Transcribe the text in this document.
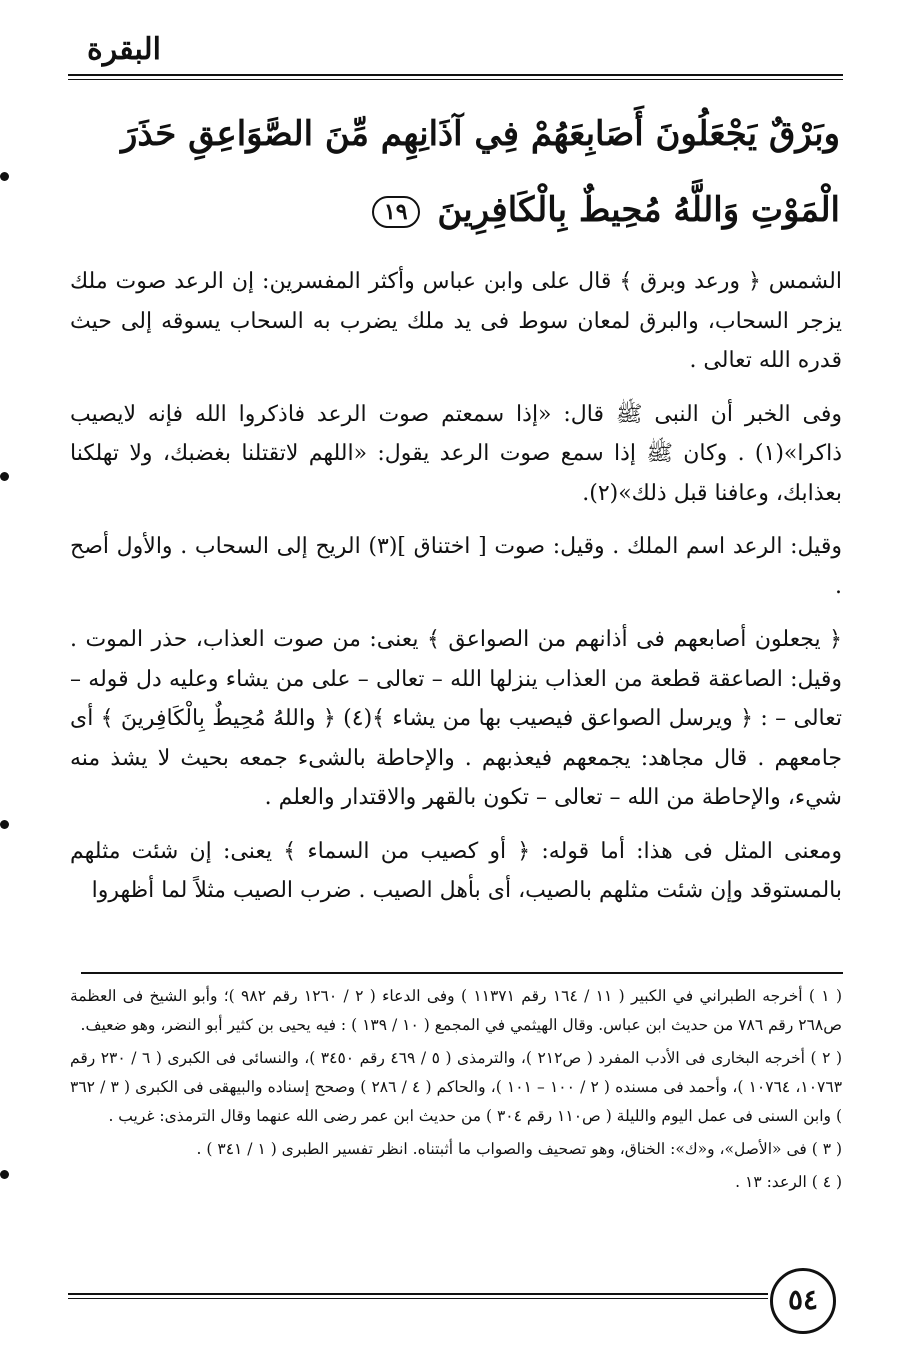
البقرة
وبَرْقٌ يَجْعَلُونَ أَصَابِعَهُمْ فِي آذَانِهِم مِّنَ الصَّوَاعِقِ حَذَرَ الْمَوْتِ وَاللَّهُ مُحِيطٌ بِالْكَافِرِينَ ١٩

الشمس ﴿ ورعد وبرق ﴾ قال على وابن عباس وأكثر المفسرين: إن الرعد صوت ملك يزجر السحاب، والبرق لمعان سوط فى يد ملك يضرب به السحاب يسوقه إلى حيث قدره الله تعالى .

وفى الخبر أن النبى ﷺ قال: «إذا سمعتم صوت الرعد فاذكروا الله فإنه لايصيب ذاكرا»(١) . وكان ﷺ إذا سمع صوت الرعد يقول: «اللهم لاتقتلنا بغضبك، ولا تهلكنا بعذابك، وعافنا قبل ذلك»(٢).

وقيل: الرعد اسم الملك . وقيل: صوت [ اختناق ](٣) الريح إلى السحاب . والأول أصح .

﴿ يجعلون أصابعهم فى أذانهم من الصواعق ﴾ يعنى: من صوت العذاب، حذر الموت . وقيل: الصاعقة قطعة من العذاب ينزلها الله – تعالى – على من يشاء وعليه دل قوله – تعالى – : ﴿ ويرسل الصواعق فيصيب بها من يشاء ﴾(٤) ﴿ واللهُ مُحِيطٌ بِالْكَافِرينَ ﴾ أى جامعهم . قال مجاهد: يجمعهم فيعذبهم . والإحاطة بالشىء جمعه بحيث لا يشذ منه شيء، والإحاطة من الله – تعالى – تكون بالقهر والاقتدار والعلم .

ومعنى المثل فى هذا: أما قوله: ﴿ أو كصيب من السماء ﴾ يعنى: إن شئت مثلهم بالمستوقد وإن شئت مثلهم بالصيب، أى بأهل الصيب . ضرب الصيب مثلاً لما أظهروا

( ١ ) أخرجه الطبراني في الكبير ( ١١ / ١٦٤ رقم ١١٣٧١ ) وفى الدعاء ( ٢ / ١٢٦٠ رقم ٩٨٢ )؛ وأبو الشيخ فى العظمة ص٢٦٨ رقم ٧٨٦ من حديث ابن عباس. وقال الهيثمي في المجمع ( ١٠ / ١٣٩ ) : فيه يحيى بن كثير أبو النضر، وهو ضعيف.

( ٢ ) أخرجه البخارى فى الأدب المفرد ( ص٢١٢ )، والترمذى ( ٥ / ٤٦٩ رقم ٣٤٥٠ )، والنسائى فى الكبرى ( ٦ / ٢٣٠ رقم ١٠٧٦٣، ١٠٧٦٤ )، وأحمد فى مسنده ( ٢ / ١٠٠ – ١٠١ )، والحاكم ( ٤ / ٢٨٦ ) وصحح إسناده والبيهقى فى الكبرى ( ٣ / ٣٦٢ ) وابن السنى فى عمل اليوم والليلة ( ص١١٠ رقم ٣٠٤ ) من حديث ابن عمر رضى الله عنهما وقال الترمذى: غريب .

( ٣ ) فى «الأصل»، و«ك»: الخناق، وهو تصحيف والصواب ما أثبتناه. انظر تفسير الطبرى ( ١ / ٣٤١ ) .

( ٤ ) الرعد: ١٣ .

٥٤
